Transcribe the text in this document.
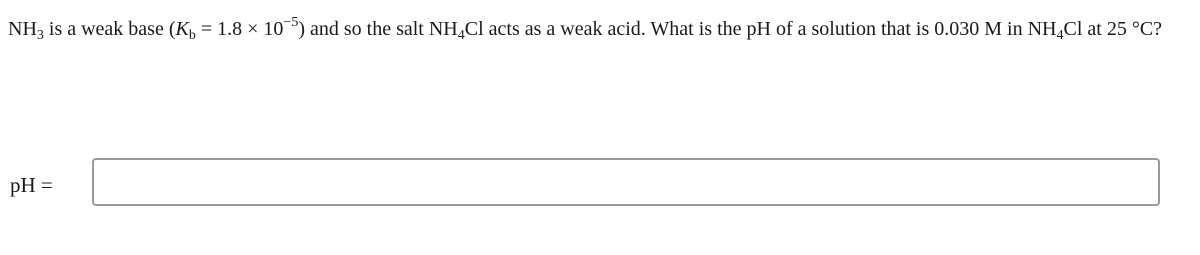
$NH_3$ is a weak base $(K_b = 1.8 \times 10^{-5})$ and so the salt $NH_4Cl$ acts as a weak acid. What is the pH of a solution that is 0.030 M in $NH_4Cl$ at 25 °C?
pH =
